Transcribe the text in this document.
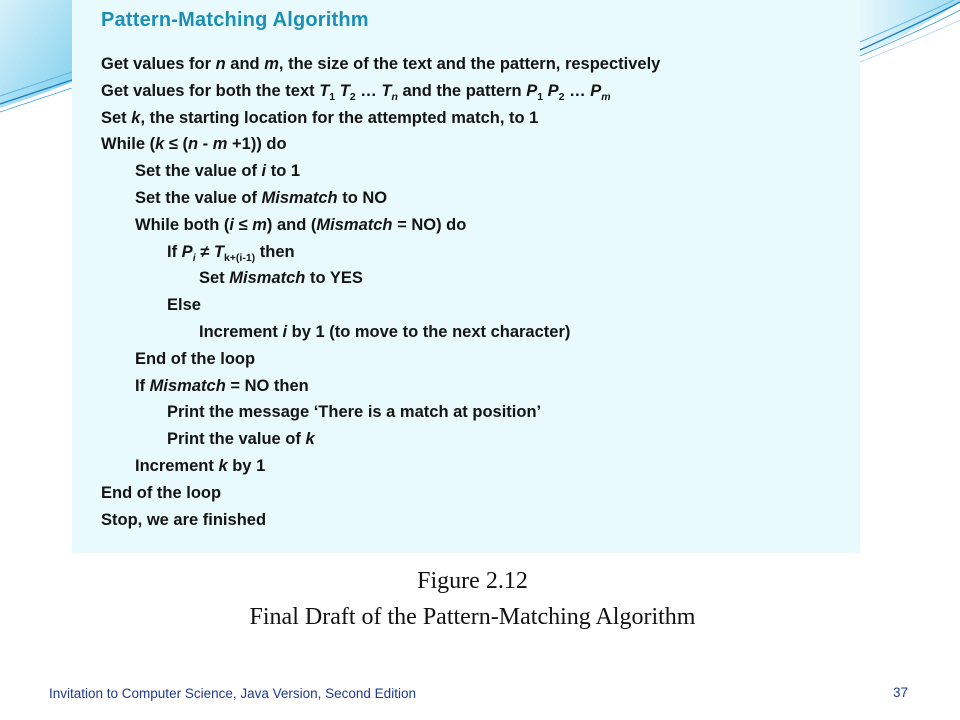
Pattern-Matching Algorithm
Get values for n and m, the size of the text and the pattern, respectively
Get values for both the text $T_1$ $T_2$ … $T_n$ and the pattern $P_1$ $P_2$ … $P_m$
Set k, the starting location for the attempted match, to 1
While (k ≤ (n - m +1)) do
Set the value of i to 1
Set the value of Mismatch to NO
While both (i ≤ m) and (Mismatch = NO) do
If $P_i \ne T_{k+(i-1)}$ then
Set Mismatch to YES
Else
Increment i by 1 (to move to the next character)
End of the loop
If Mismatch = NO then
Print the message ‘There is a match at position’
Print the value of k
Increment k by 1
End of the loop
Stop, we are finished
Figure 2.12
Final Draft of the Pattern-Matching Algorithm
Invitation to Computer Science, Java Version, Second Edition	37
